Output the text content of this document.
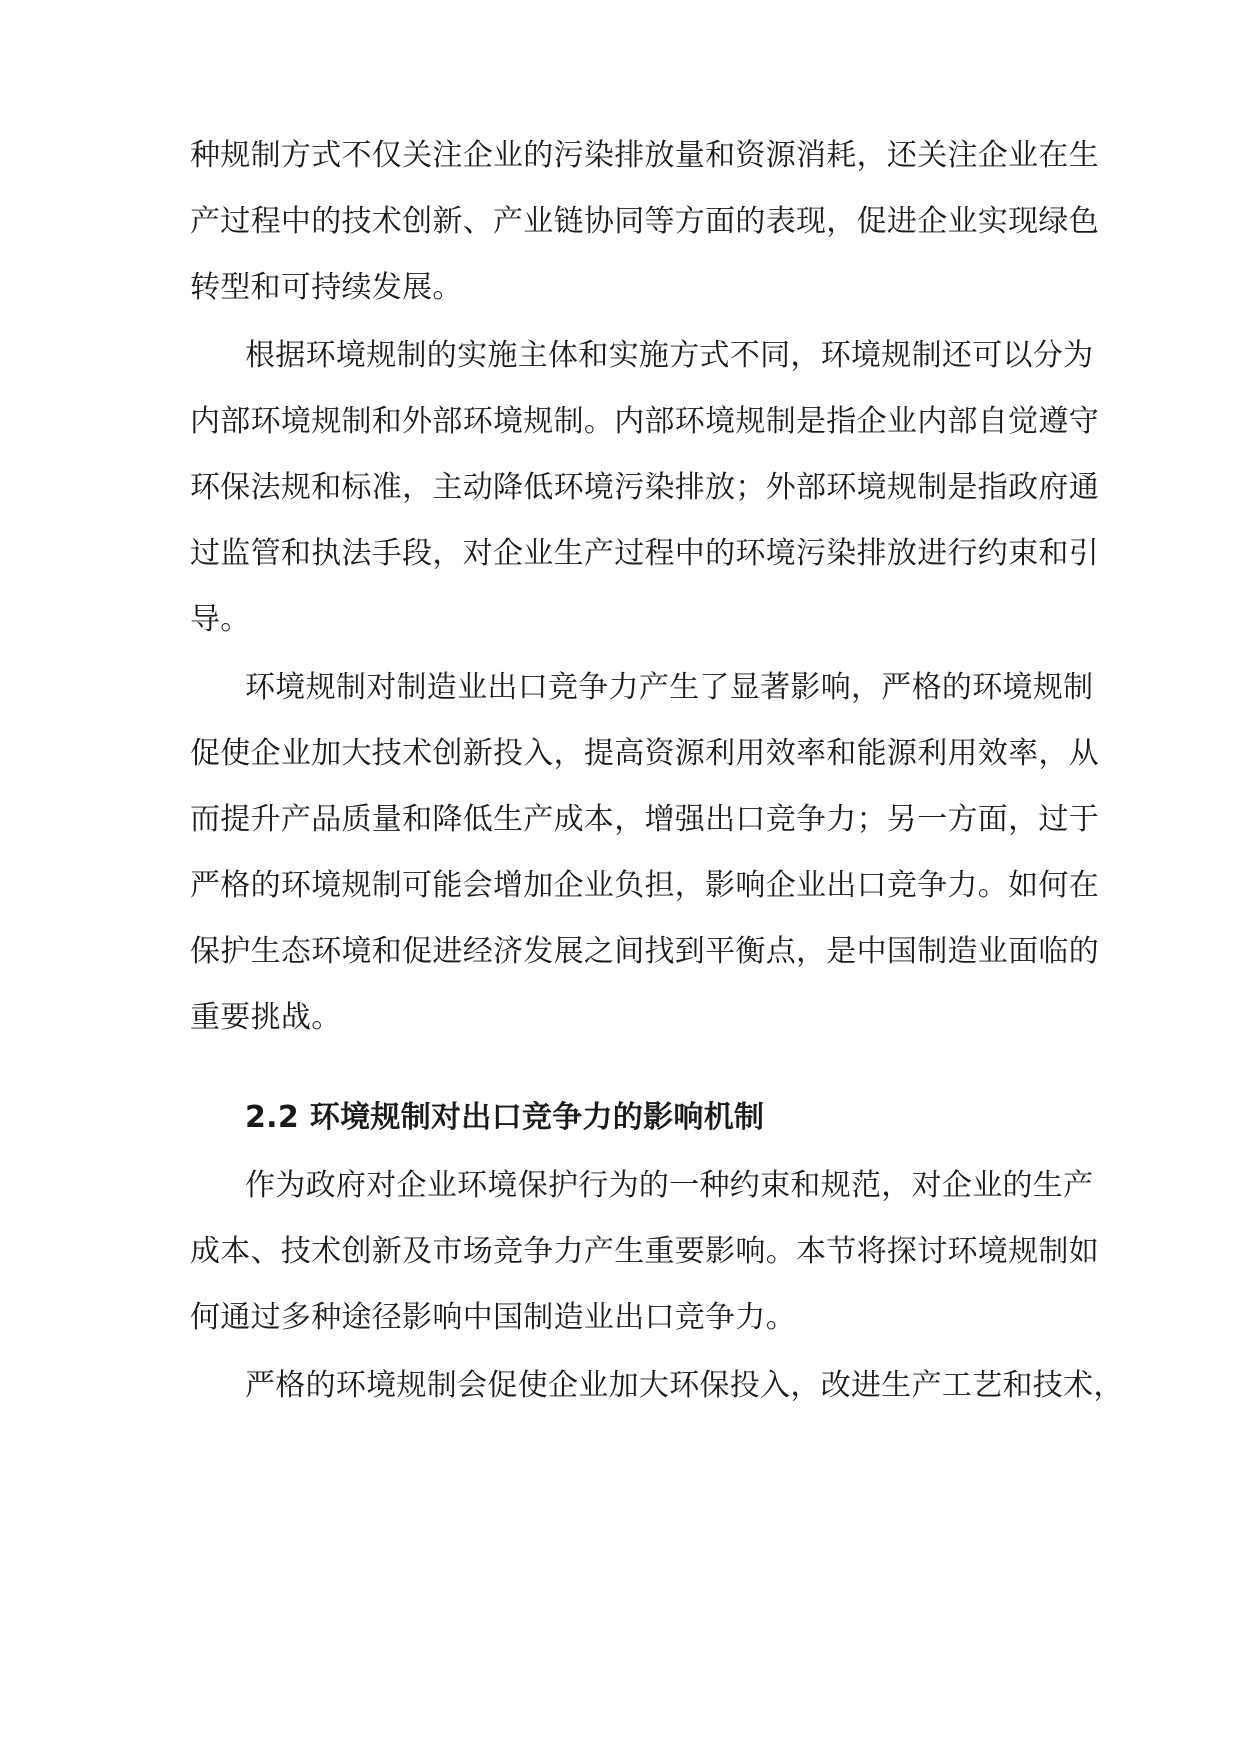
种规制方式不仅关注企业的污染排放量和资源消耗，还关注企业在生
产过程中的技术创新、产业链协同等方面的表现，促进企业实现绿色
转型和可持续发展。
根据环境规制的实施主体和实施方式不同，环境规制还可以分为
内部环境规制和外部环境规制。内部环境规制是指企业内部自觉遵守
环保法规和标准，主动降低环境污染排放；外部环境规制是指政府通
过监管和执法手段，对企业生产过程中的环境污染排放进行约束和引
导。
环境规制对制造业出口竞争力产生了显著影响，严格的环境规制
促使企业加大技术创新投入，提高资源利用效率和能源利用效率，从
而提升产品质量和降低生产成本，增强出口竞争力；另一方面，过于
严格的环境规制可能会增加企业负担，影响企业出口竞争力。如何在
保护生态环境和促进经济发展之间找到平衡点，是中国制造业面临的
重要挑战。
2.2 环境规制对出口竞争力的影响机制
作为政府对企业环境保护行为的一种约束和规范，对企业的生产
成本、技术创新及市场竞争力产生重要影响。本节将探讨环境规制如
何通过多种途径影响中国制造业出口竞争力。
严格的环境规制会促使企业加大环保投入，改进生产工艺和技术，
